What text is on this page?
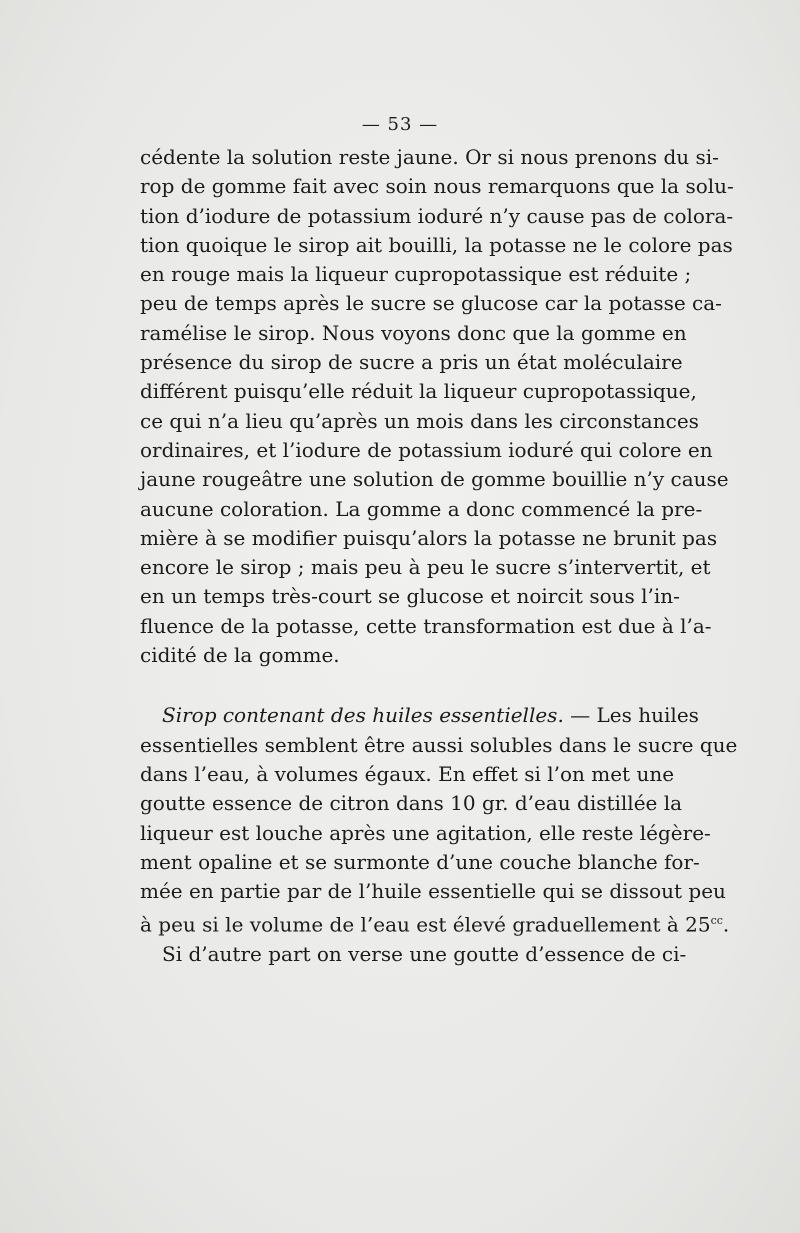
— 53 —
cédente la solution reste jaune. Or si nous prenons du si-
rop de gomme fait avec soin nous remarquons que la solu-
tion d’iodure de potassium ioduré n’y cause pas de colora-
tion quoique le sirop ait bouilli, la potasse ne le colore pas
en rouge mais la liqueur cupropotassique est réduite ;
peu de temps après le sucre se glucose car la potasse ca-
ramélise le sirop. Nous voyons donc que la gomme en
présence du sirop de sucre a pris un état moléculaire
différent puisqu’elle réduit la liqueur cupropotassique,
ce qui n’a lieu qu’après un mois dans les circonstances
ordinaires, et l’iodure de potassium ioduré qui colore en
jaune rougeâtre une solution de gomme bouillie n’y cause
aucune coloration. La gomme a donc commencé la pre-
mière à se modifier puisqu’alors la potasse ne brunit pas
encore le sirop ; mais peu à peu le sucre s’intervertit, et
en un temps très-court se glucose et noircit sous l’in-
fluence de la potasse, cette transformation est due à l’a-
cidité de la gomme.
Sirop contenant des huiles essentielles. — Les huiles
essentielles semblent être aussi solubles dans le sucre que
dans l’eau, à volumes égaux. En effet si l’on met une
goutte essence de citron dans 10 gr. d’eau distillée la
liqueur est louche après une agitation, elle reste légère-
ment opaline et se surmonte d’une couche blanche for-
mée en partie par de l’huile essentielle qui se dissout peu
à peu si le volume de l’eau est élevé graduellement à $25^{cc}$.
Si d’autre part on verse une goutte d’essence de ci-
